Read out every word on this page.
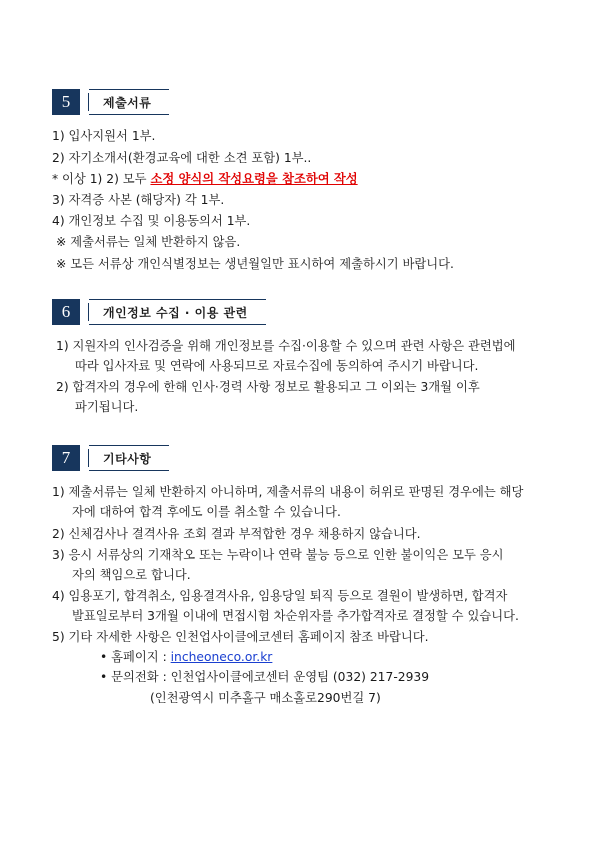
5	제출서류
1) 입사지원서 1부.
2) 자기소개서(환경교육에 대한 소견 포함) 1부..
* 이상 1) 2) 모두 소정 양식의 작성요령을 참조하여 작성
3) 자격증 사본 (해당자) 각 1부.
4) 개인정보 수집 및 이용동의서 1부.
※ 제출서류는 일체 반환하지 않음.
※ 모든 서류상 개인식별정보는 생년월일만 표시하여 제출하시기 바랍니다.
6	개인정보 수집 · 이용 관련
1) 지원자의 인사검증을 위해 개인정보를 수집·이용할 수 있으며 관련 사항은 관련법에
따라 입사자료 및 연락에 사용되므로 자료수집에 동의하여 주시기 바랍니다.
2) 합격자의 경우에 한해 인사·경력 사항 정보로 활용되고 그 이외는 3개월 이후
파기됩니다.
7	기타사항
1) 제출서류는 일체 반환하지 아니하며, 제출서류의 내용이 허위로 판명된 경우에는 해당
자에 대하여 합격 후에도 이를 취소할 수 있습니다.
2) 신체검사나 결격사유 조회 결과 부적합한 경우 채용하지 않습니다.
3) 응시 서류상의 기재착오 또는 누락이나 연락 불능 등으로 인한 불이익은 모두 응시
자의 책임으로 합니다.
4) 임용포기, 합격취소, 임용결격사유, 임용당일 퇴직 등으로 결원이 발생하면, 합격자
발표일로부터 3개월 이내에 면접시험 차순위자를 추가합격자로 결정할 수 있습니다.
5) 기타 자세한 사항은 인천업사이클에코센터 홈페이지 참조 바랍니다.
• 홈페이지 : incheoneco.or.kr
• 문의전화 : 인천업사이클에코센터 운영팀 (032) 217-2939
(인천광역시 미추홀구 매소홀로290번길 7)
